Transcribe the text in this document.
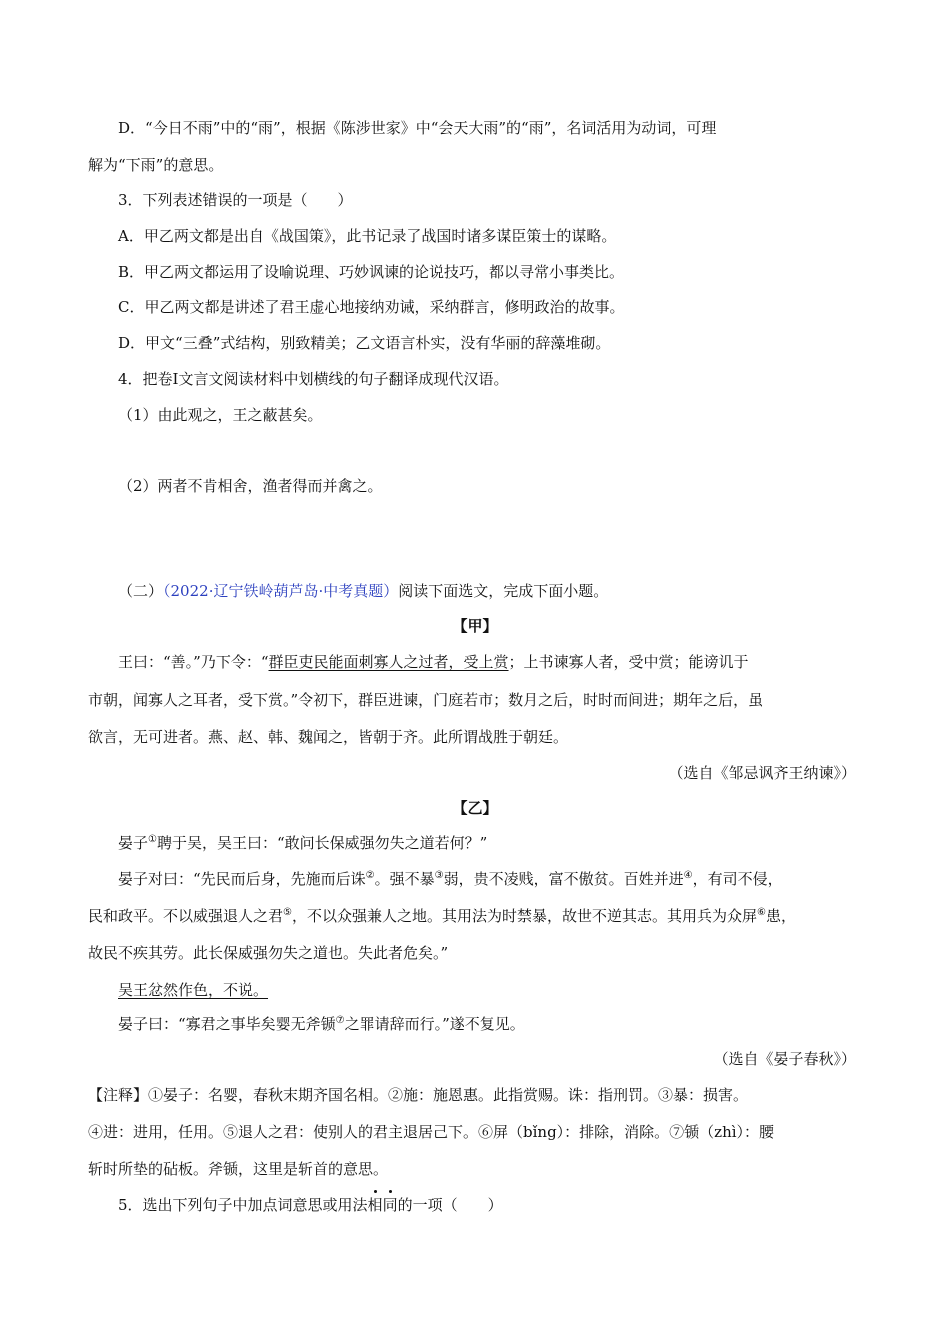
D．“今日不雨”中的“雨”，根据《陈涉世家》中“会天大雨”的“雨”，名词活用为动词，可理
解为“下雨”的意思。
3．下列表述错误的一项是（　　）
A．甲乙两文都是出自《战国策》，此书记录了战国时诸多谋臣策士的谋略。
B．甲乙两文都运用了设喻说理、巧妙讽谏的论说技巧，都以寻常小事类比。
C．甲乙两文都是讲述了君王虚心地接纳劝诫，采纳群言，修明政治的故事。
D．甲文“三叠”式结构，别致精美；乙文语言朴实，没有华丽的辞藻堆砌。
4．把卷Ⅰ文言文阅读材料中划横线的句子翻译成现代汉语。
（1）由此观之，王之蔽甚矣。
（2）两者不肯相舍，渔者得而并禽之。
（二）（2022·辽宁铁岭葫芦岛·中考真题）阅读下面选文，完成下面小题。
【甲】
王曰：“善。”乃下令：“群臣吏民能面刺寡人之过者，受上赏；上书谏寡人者，受中赏；能谤讥于
市朝，闻寡人之耳者，受下赏。”令初下，群臣进谏，门庭若市；数月之后，时时而间进；期年之后，虽
欲言，无可进者。燕、赵、韩、魏闻之，皆朝于齐。此所谓战胜于朝廷。
（选自《邹忌讽齐王纳谏》）
【乙】
晏子①聘于吴，吴王曰：“敢问长保威强勿失之道若何？”
晏子对曰：“先民而后身，先施而后诛②。强不暴③弱，贵不凌贱，富不傲贫。百姓并进④，有司不侵，
民和政平。不以威强退人之君⑤，不以众强兼人之地。其用法为时禁暴，故世不逆其志。其用兵为众屏⑥患，
故民不疾其劳。此长保威强勿失之道也。失此者危矣。”
吴王忿然作色，不说。
晏子曰：“寡君之事毕矣婴无斧锧⑦之罪请辞而行。”遂不复见。
（选自《晏子春秋》）
【注释】①晏子：名婴，春秋末期齐国名相。②施：施恩惠。此指赏赐。诛：指刑罚。③暴：损害。
④进：进用，任用。⑤退人之君：使别人的君主退居己下。⑥屏（bǐng）：排除，消除。⑦锧（zhì）：腰
斩时所垫的砧板。斧锧，这里是斩首的意思。
5．选出下列句子中加点词意思或用法相同的一项（　　）
